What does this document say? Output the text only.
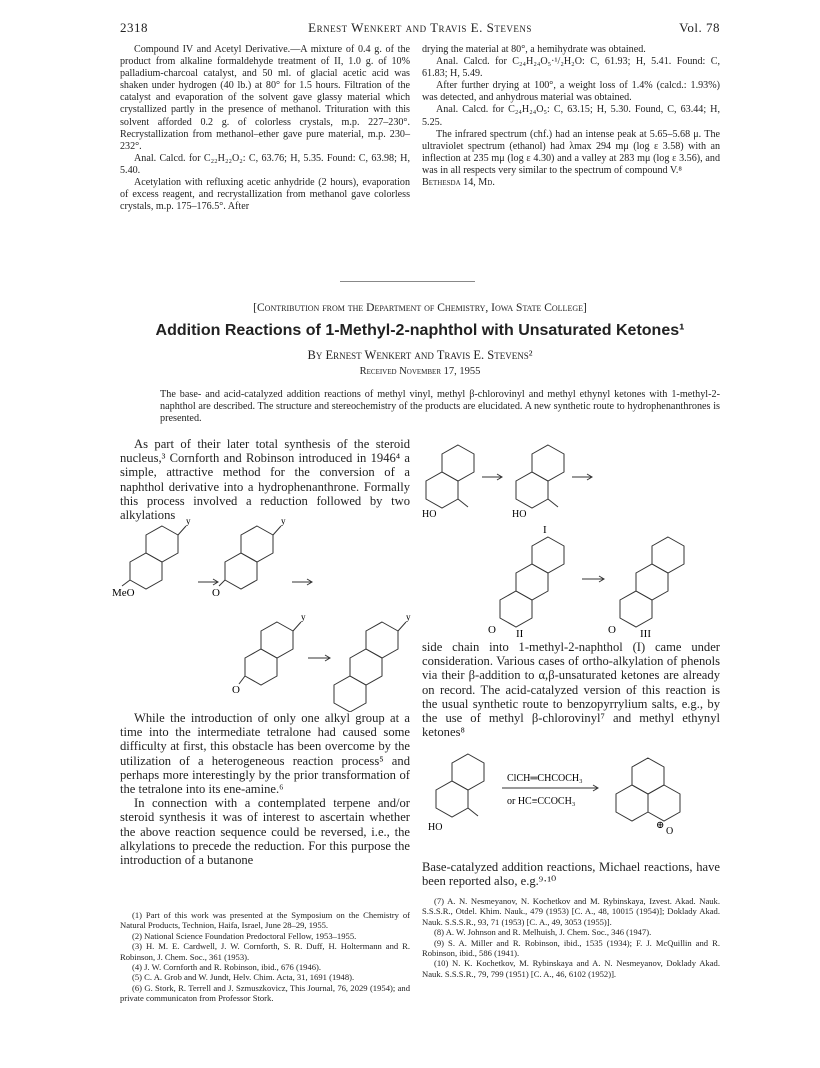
2318	Ernest Wenkert and Travis E. Stevens	Vol. 78

Compound IV and Acetyl Derivative.—A mixture of 0.4 g. of the product from alkaline formaldehyde treatment of II, 1.0 g. of 10% palladium-charcoal catalyst, and 50 ml. of glacial acetic acid was shaken under hydrogen (40 lb.) at 80° for 1.5 hours. Filtration of the catalyst and evaporation of the solvent gave glassy material which crystallized partly in the presence of methanol. Trituration with this solvent afforded 0.2 g. of colorless crystals, m.p. 227–230°. Recrystallization from methanol–ether gave pure material, m.p. 230–232°.

Anal. Calcd. for C₂₂H₂₂O₂: C, 63.76; H, 5.35. Found: C, 63.98; H, 5.40.

Acetylation with refluxing acetic anhydride (2 hours), evaporation of excess reagent, and recrystallization from methanol gave colorless crystals, m.p. 175–176.5°. After

drying the material at 80°, a hemihydrate was obtained.

Anal. Calcd. for C₂₄H₂₄O₅·¹/₂H₂O: C, 61.93; H, 5.41. Found: C, 61.83; H, 5.49.

After further drying at 100°, a weight loss of 1.4% (calcd.: 1.93%) was detected, and anhydrous material was obtained.

Anal. Calcd. for C₂₄H₂₄O₅: C, 63.15; H, 5.30. Found, C, 63.44; H, 5.25.

The infrared spectrum (chf.) had an intense peak at 5.65–5.68 μ. The ultraviolet spectrum (ethanol) had λmax 294 mμ (log ε 3.58) with an inflection at 235 mμ (log ε 4.30) and a valley at 283 mμ (log ε 3.56), and was in all respects very similar to the spectrum of compound V.⁸

Bethesda 14, Md.

[Contribution from the Department of Chemistry, Iowa State College]
Addition Reactions of 1-Methyl-2-naphthol with Unsaturated Ketones¹
By Ernest Wenkert and Travis E. Stevens²
Received November 17, 1955
The base- and acid-catalyzed addition reactions of methyl vinyl, methyl β-chlorovinyl and methyl ethynyl ketones with 1-methyl-2-naphthol are described. The structure and stereochemistry of the products are elucidated. A new synthetic route to hydrophenanthrones is presented.

As part of their later total synthesis of the steroid nucleus,³ Cornforth and Robinson introduced in 1946⁴ a simple, attractive method for the conversion of a naphthol derivative into a hydrophenanthrone. Formally this process involved a reduction followed by two alkylations	y
MeO
y
O
y
O
y

While the introduction of only one alkyl group at a time into the intermediate tetralone had caused some difficulty at first, this obstacle has been overcome by the utilization of a heterogeneous reaction process⁵ and perhaps more interestingly by the prior transformation of the tetralone into its ene-amine.⁶

In connection with a contemplated terpene and/or steroid synthesis it was of interest to ascertain whether the above reaction sequence could be reversed, i.e., the alkylations to precede the reduction. For this purpose the introduction of a butanone

(1) Part of this work was presented at the Symposium on the Chemistry of Natural Products, Technion, Haifa, Israel, June 28–29, 1955.

(2) National Science Foundation Predoctoral Fellow, 1953–1955.

(3) H. M. E. Cardwell, J. W. Cornforth, S. R. Duff, H. Holtermann and R. Robinson, J. Chem. Soc., 361 (1953).

(4) J. W. Cornforth and R. Robinson, ibid., 676 (1946).

(5) C. A. Grob and W. Jundt, Helv. Chim. Acta, 31, 1691 (1948).

(6) G. Stork, R. Terrell and J. Szmuszkovicz, This Journal, 76, 2029 (1954); and private communicaton from Professor Stork.

HO	HO
I
O	O
II	III

side chain into 1-methyl-2-naphthol (I) came under consideration. Various cases of ortho-alkylation of phenols via their β-addition to α,β-unsaturated ketones are already on record. The acid-catalyzed version of this reaction is the usual synthetic route to benzopyrrylium salts, e.g., by the use of methyl β-chlorovinyl⁷ and methyl ethynyl ketones⁸

HO
ClCH═CHCOCH₃
or HC≡CCOCH₃
⊕
O

Base-catalyzed addition reactions, Michael reactions, have been reported also, e.g.⁹·¹⁰

(7) A. N. Nesmeyanov, N. Kochetkov and M. Rybinskaya, Izvest. Akad. Nauk. S.S.S.R., Otdel. Khim. Nauk., 479 (1953) [C. A., 48, 10015 (1954)]; Doklady Akad. Nauk. S.S.S.R., 93, 71 (1953) [C. A., 49, 3053 (1955)].

(8) A. W. Johnson and R. Melhuish, J. Chem. Soc., 346 (1947).

(9) S. A. Miller and R. Robinson, ibid., 1535 (1934); F. J. McQuillin and R. Robinson, ibid., 586 (1941).

(10) N. K. Kochetkov, M. Rybinskaya and A. N. Nesmeyanov, Doklady Akad. Nauk. S.S.S.R., 79, 799 (1951) [C. A., 46, 6102 (1952)].
